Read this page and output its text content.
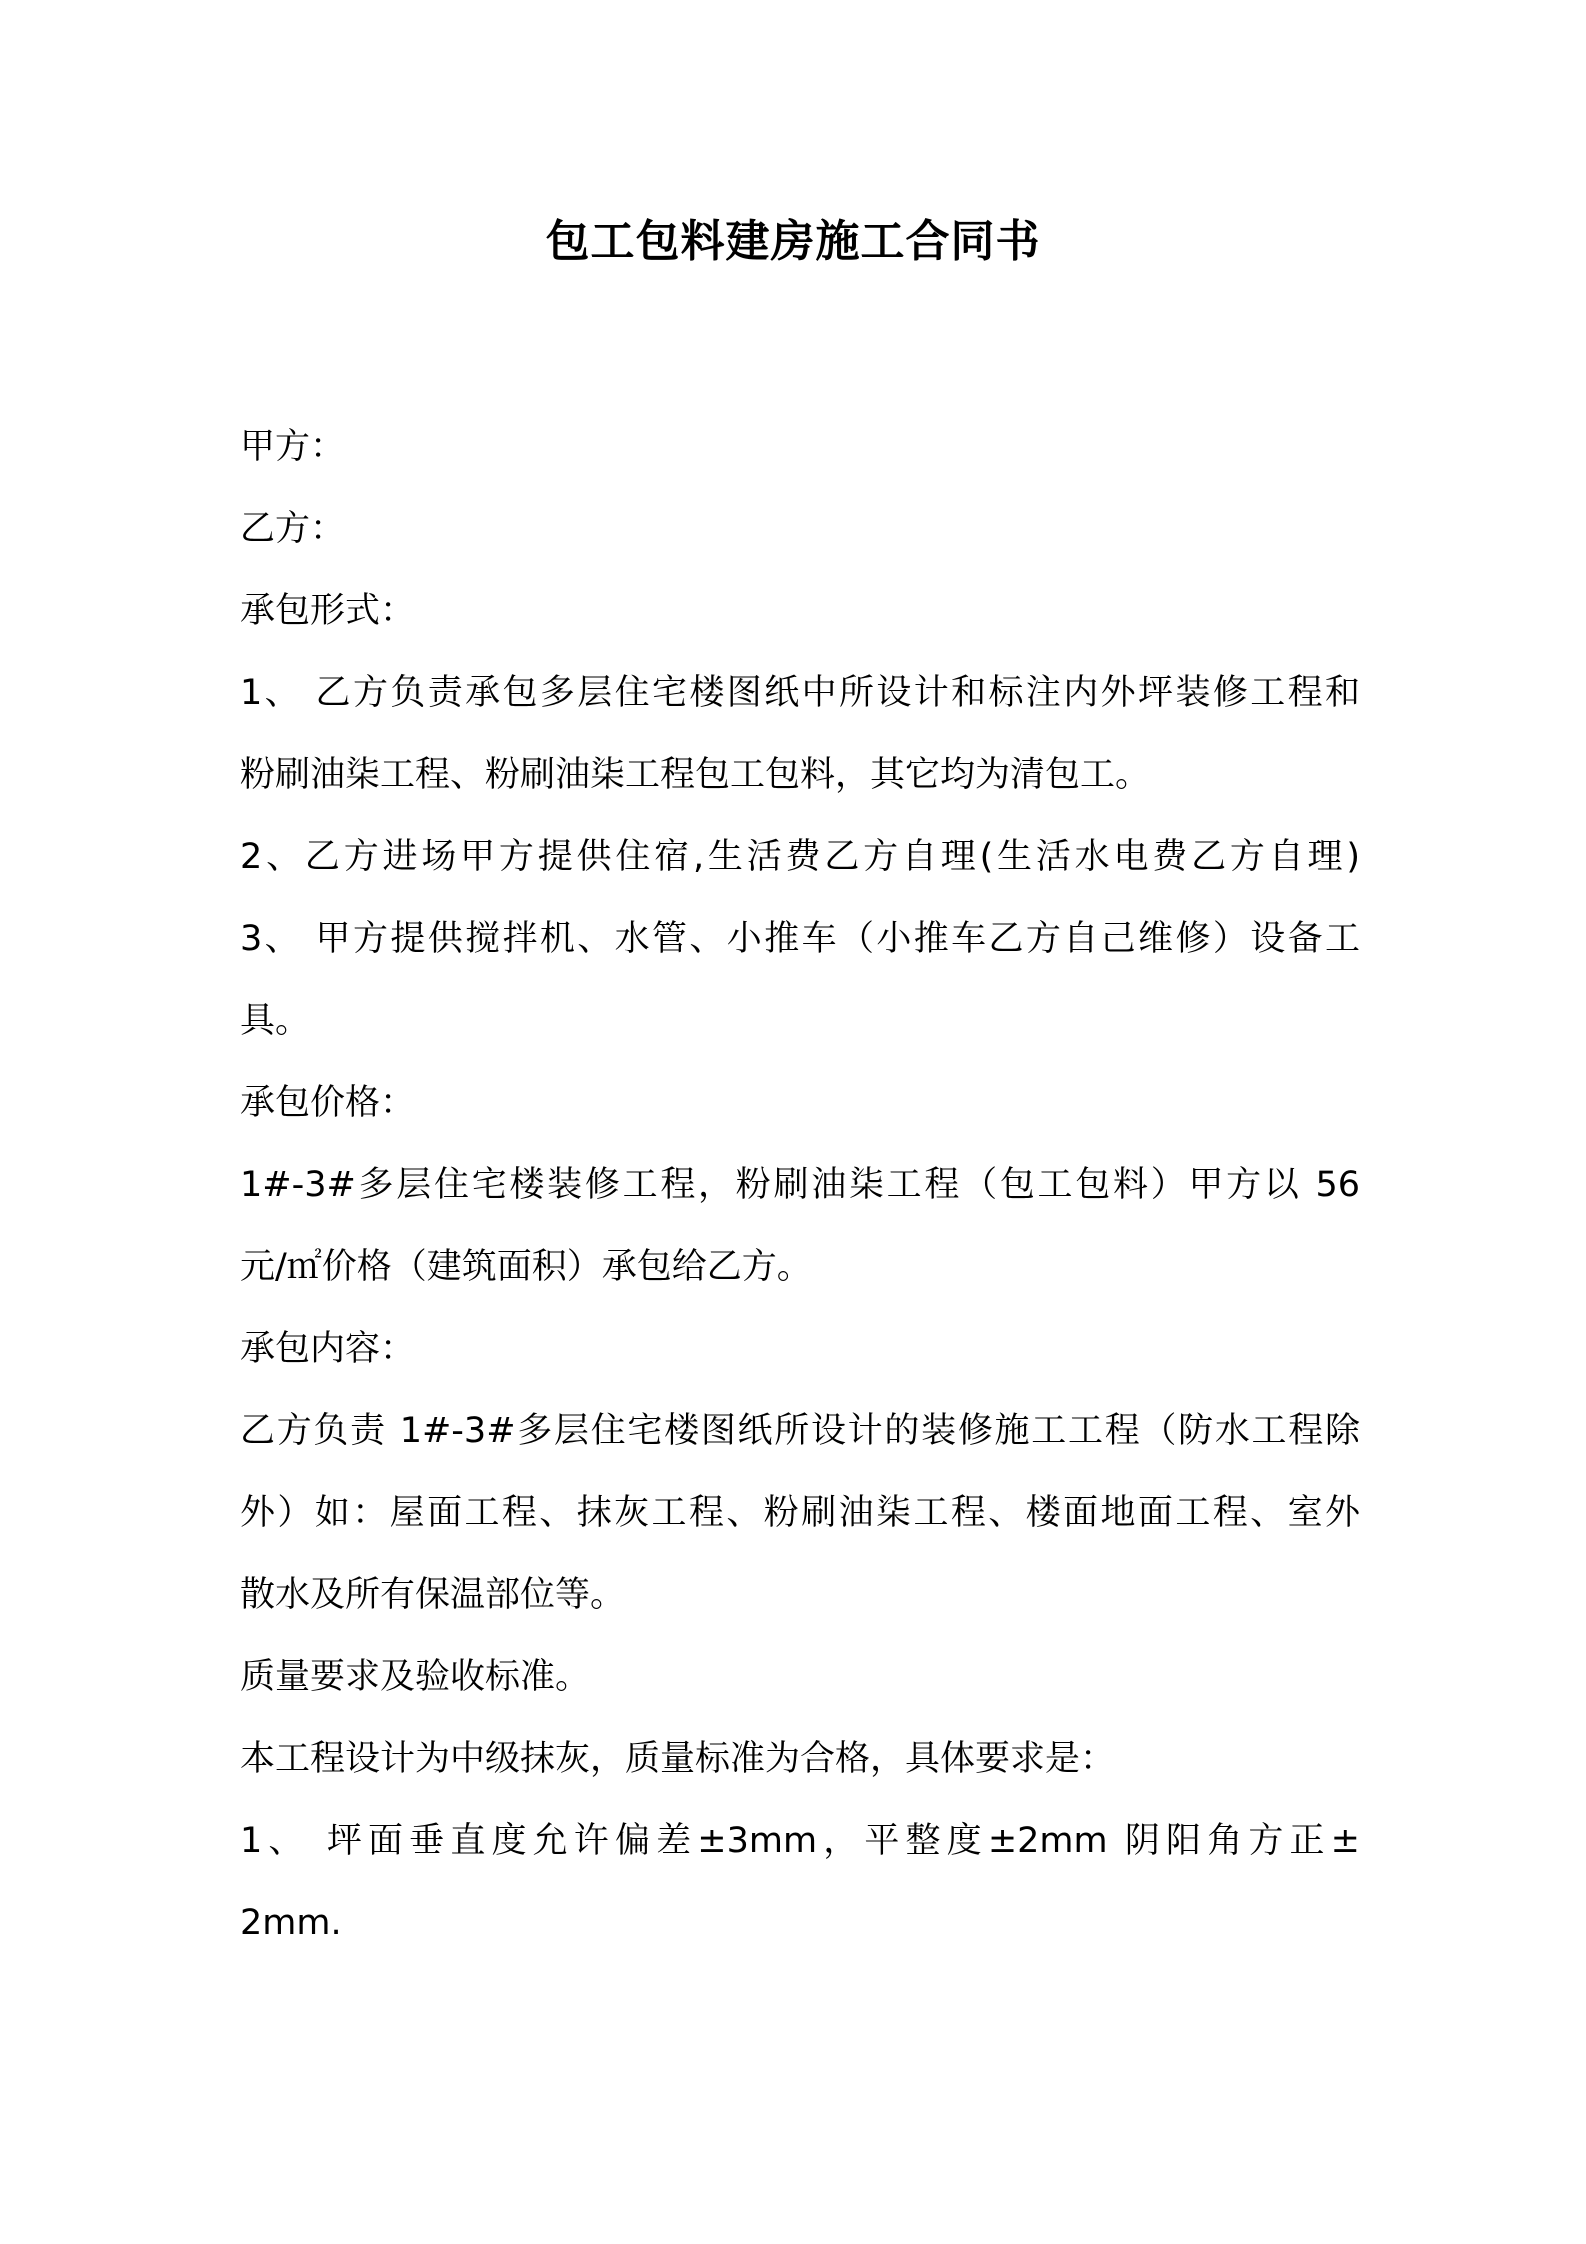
包工包料建房施工合同书
甲方：
乙方：
承包形式：
1、 乙方负责承包多层住宅楼图纸中所设计和标注内外坪装修工程和
粉刷油柒工程、粉刷油柒工程包工包料，其它均为清包工。
2、乙方进场甲方提供住宿,生活费乙方自理(生活水电费乙方自理)
3、 甲方提供搅拌机、水管、小推车（小推车乙方自己维修）设备工
具。
承包价格：
1#-3#多层住宅楼装修工程，粉刷油柒工程（包工包料）甲方以 56
元/㎡价格（建筑面积）承包给乙方。
承包内容：
乙方负责 1#-3#多层住宅楼图纸所设计的装修施工工程（防水工程除
外）如：屋面工程、抹灰工程、粉刷油柒工程、楼面地面工程、室外
散水及所有保温部位等。
质量要求及验收标准。
本工程设计为中级抹灰，质量标准为合格，具体要求是：
1、 坪面垂直度允许偏差±3mm，平整度±2mm 阴阳角方正±
2mm.
